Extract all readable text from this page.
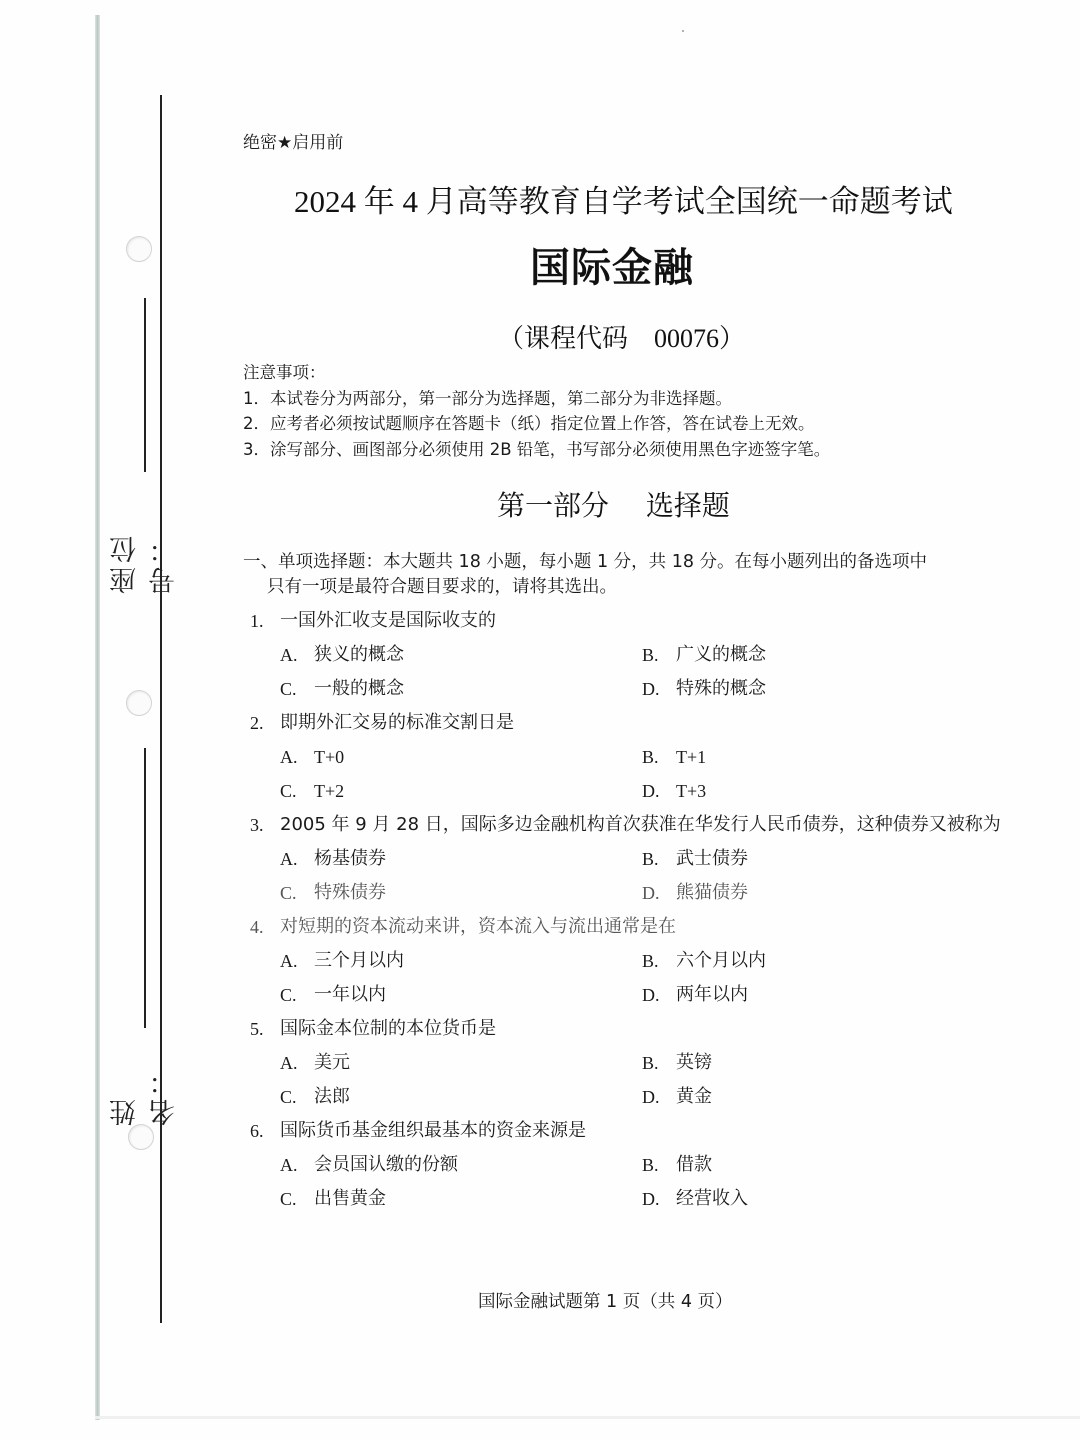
座位号：
姓名：
绝密★启用前
2024 年 4 月高等教育自学考试全国统一命题考试
国际金融
（课程代码　00076）
注意事项：
1．本试卷分为两部分，第一部分为选择题，第二部分为非选择题。
2．应考者必须按试题顺序在答题卡（纸）指定位置上作答，答在试卷上无效。
3．涂写部分、画图部分必须使用 2B 铅笔，书写部分必须使用黑色字迹签字笔。
第一部分　 选择题
一、单项选择题：本大题共 18 小题，每小题 1 分，共 18 分。在每小题列出的备选项中
只有一项是最符合题目要求的，请将其选出。
1. 一国外汇收支是国际收支的
A. 狭义的概念	B. 广义的概念
C. 一般的概念	D. 特殊的概念
2. 即期外汇交易的标准交割日是
A. T+0	B. T+1
C. T+2	D. T+3
3. 2005 年 9 月 28 日，国际多边金融机构首次获准在华发行人民币债券，这种债券又被称为
A. 杨基债券	B. 武士债券
C. 特殊债券	D. 熊猫债券
4. 对短期的资本流动来讲，资本流入与流出通常是在
A. 三个月以内	B. 六个月以内
C. 一年以内	D. 两年以内
5. 国际金本位制的本位货币是
A. 美元	B. 英镑
C. 法郎	D. 黄金
6. 国际货币基金组织最基本的资金来源是
A. 会员国认缴的份额	B. 借款
C. 出售黄金	D. 经营收入
国际金融试题第 1 页（共 4 页）
